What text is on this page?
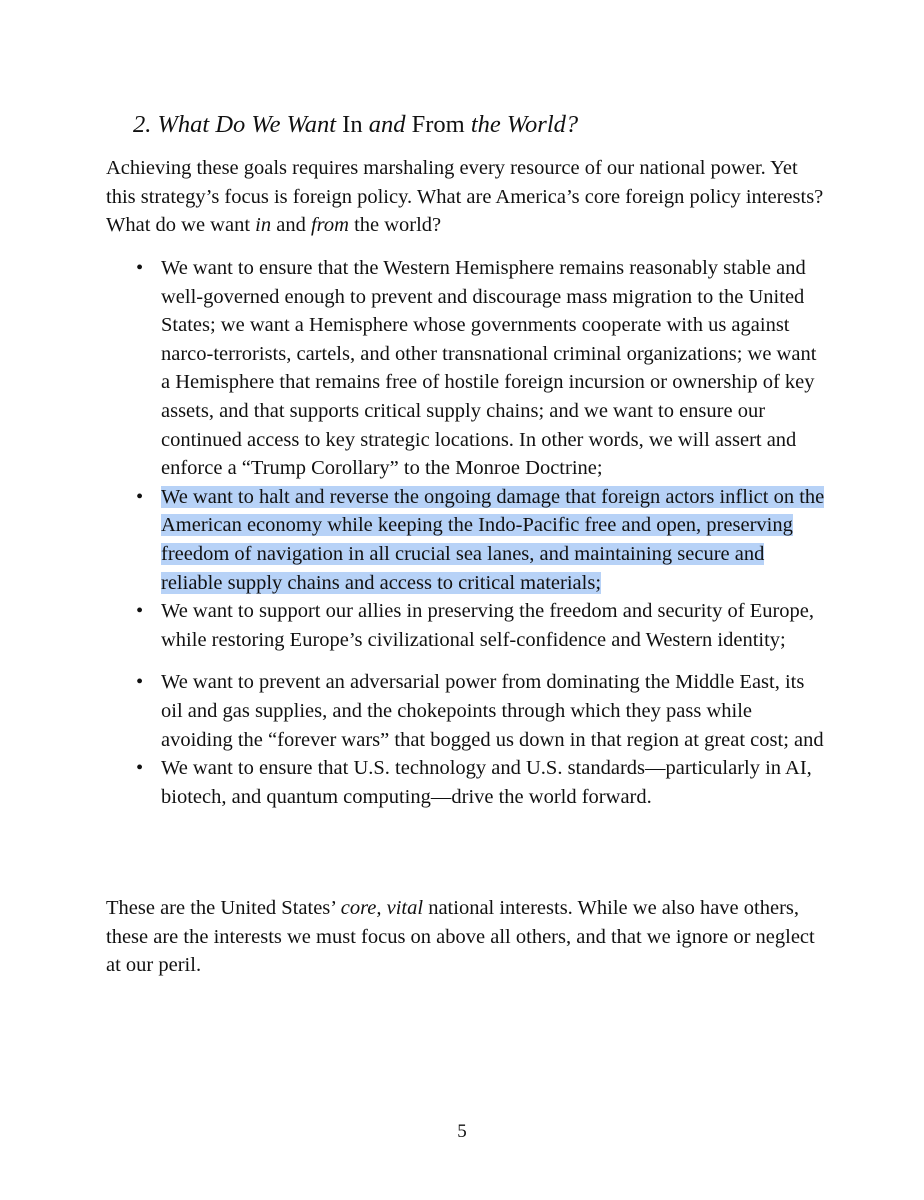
2. What Do We Want In and From the World?

Achieving these goals requires marshaling every resource of our national power. Yet this strategy’s focus is foreign policy. What are America’s core foreign policy interests? What do we want in and from the world?

• We want to ensure that the Western Hemisphere remains reasonably stable and well-governed enough to prevent and discourage mass migration to the United States; we want a Hemisphere whose governments cooperate with us against narco-terrorists, cartels, and other transnational criminal organizations; we want a Hemisphere that remains free of hostile foreign incursion or ownership of key assets, and that supports critical supply chains; and we want to ensure our continued access to key strategic locations. In other words, we will assert and enforce a “Trump Corollary” to the Monroe Doctrine;
• We want to halt and reverse the ongoing damage that foreign actors inflict on the American economy while keeping the Indo-Pacific free and open, preserving freedom of navigation in all crucial sea lanes, and maintaining secure and reliable supply chains and access to critical materials;
• We want to support our allies in preserving the freedom and security of Europe, while restoring Europe’s civilizational self-confidence and Western identity;
• We want to prevent an adversarial power from dominating the Middle East, its oil and gas supplies, and the chokepoints through which they pass while avoiding the “forever wars” that bogged us down in that region at great cost; and
• We want to ensure that U.S. technology and U.S. standards—particularly in AI, biotech, and quantum computing—drive the world forward.

These are the United States’ core, vital national interests. While we also have others, these are the interests we must focus on above all others, and that we ignore or neglect at our peril.

5
